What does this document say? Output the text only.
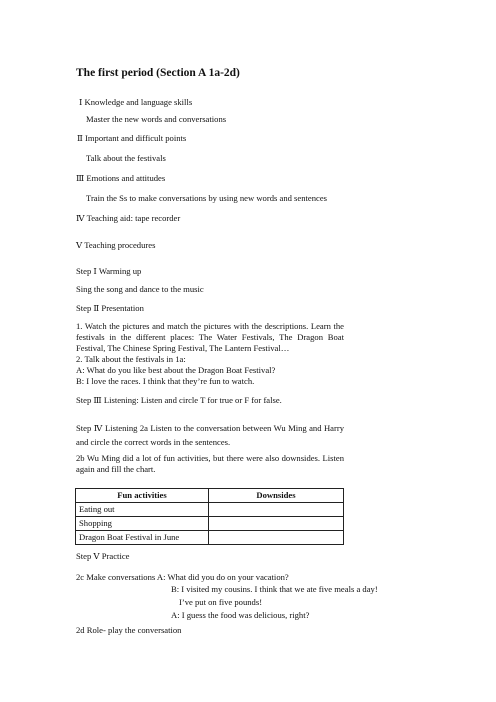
The first period (Section A 1a-2d)
Ⅰ Knowledge and language skills
Master the new words and conversations
Ⅱ Important and difficult points
Talk about the festivals
Ⅲ Emotions and attitudes
Train the Ss to make conversations by using new words and sentences
Ⅳ Teaching aid: tape recorder
Ⅴ Teaching procedures
Step Ⅰ Warming up
Sing the song and dance to the music
Step Ⅱ Presentation
1. Watch the pictures and match the pictures with the descriptions. Learn the festivals in the different places: The Water Festivals, The Dragon Boat Festival, The Chinese Spring Festival, The Lantern Festival…
2. Talk about the festivals in 1a:
A: What do you like best about the Dragon Boat Festival?
B: I love the races. I think that they’re fun to watch.
Step Ⅲ Listening: Listen and circle T for true or F for false.
Step Ⅳ Listening 2a Listen to the conversation between Wu Ming and Harry and circle the correct words in the sentences.
2b Wu Ming did a lot of fun activities, but there were also downsides. Listen again and fill the chart.
Fun activities	Downsides
Eating out	
Shopping	
Dragon Boat Festival in June	
Step Ⅴ Practice
2c Make conversations A: What did you do on your vacation?
B: I visited my cousins. I think that we ate five meals a day!
I’ve put on five pounds!
A: I guess the food was delicious, right?
2d Role- play the conversation
